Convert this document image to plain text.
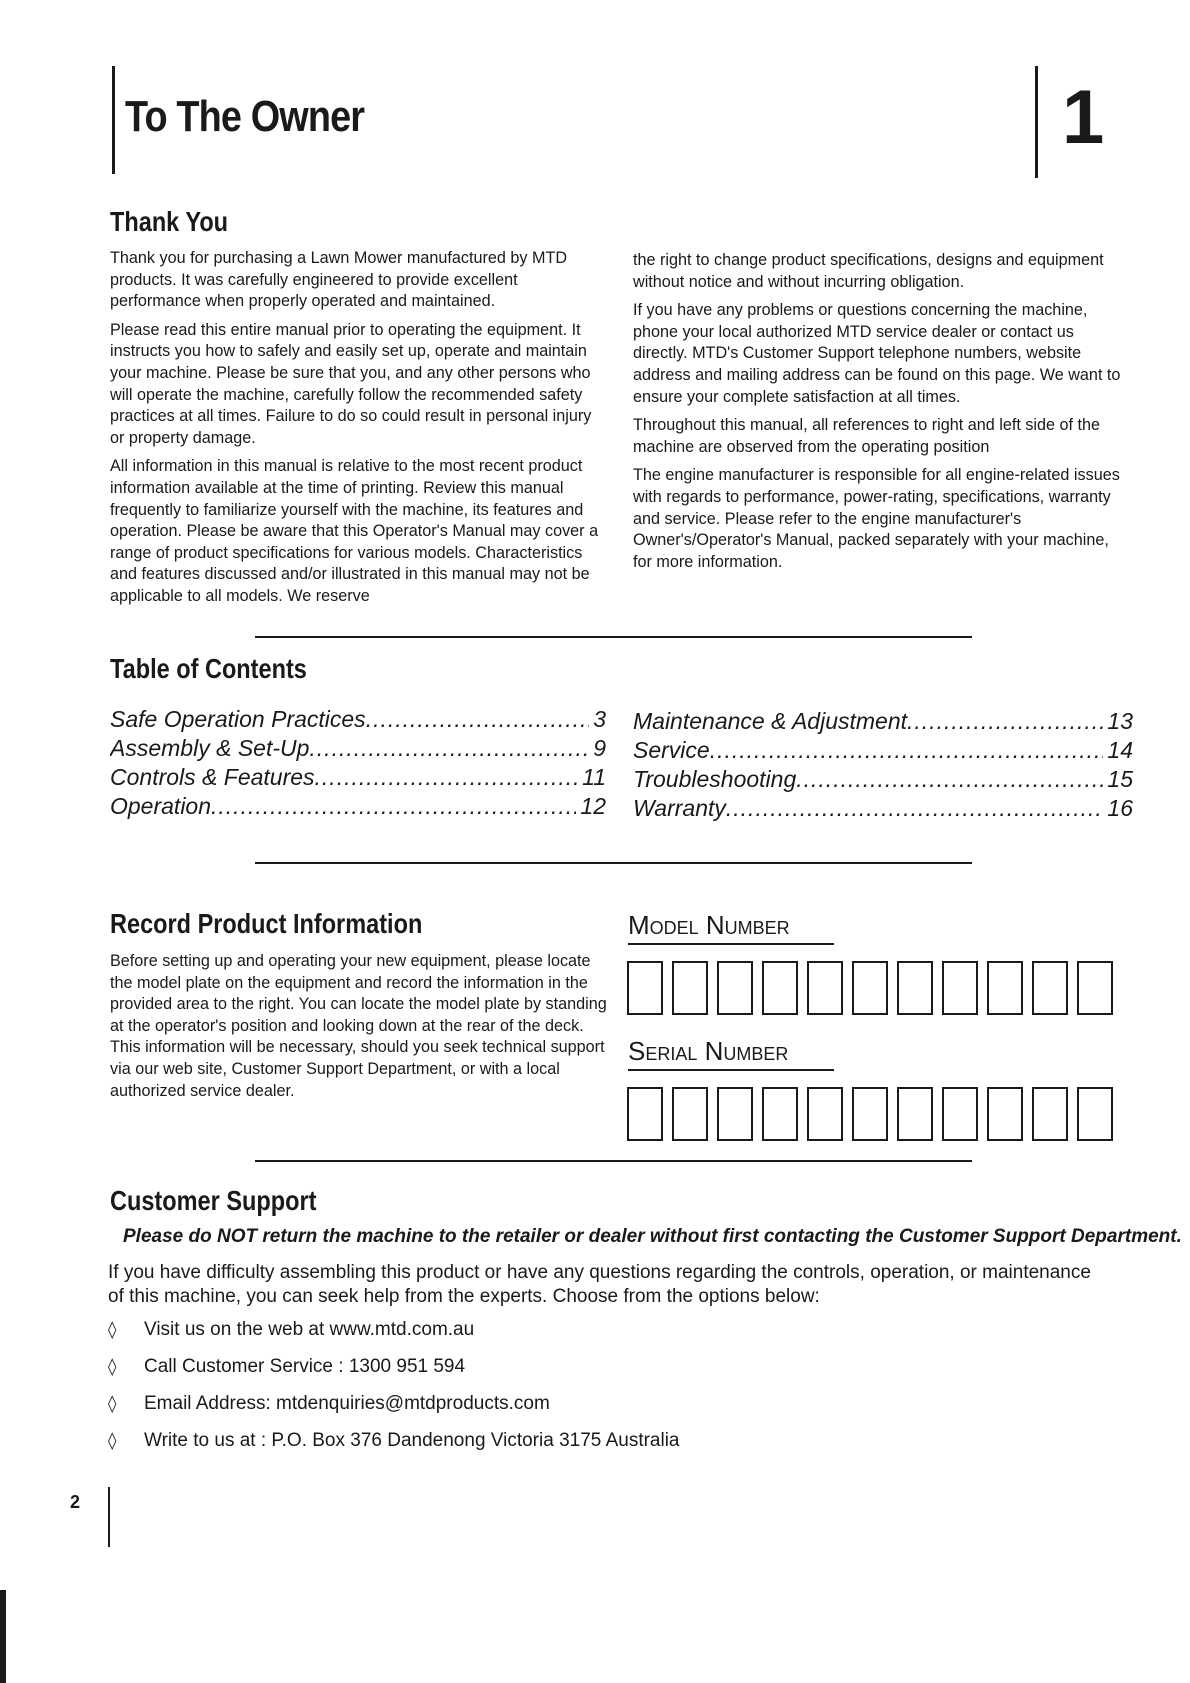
To The Owner	1
Thank You

Thank you for purchasing a Lawn Mower manufactured by MTD products. It was carefully engineered to provide excellent performance when properly operated and maintained.

Please read this entire manual prior to operating the equipment. It instructs you how to safely and easily set up, operate and maintain your machine. Please be sure that you, and any other persons who will operate the machine, carefully follow the recommended safety practices at all times. Failure to do so could result in personal injury or property damage.

All information in this manual is relative to the most recent product information available at the time of printing. Review this manual frequently to familiarize yourself with the machine, its features and operation. Please be aware that this Operator's Manual may cover a range of product specifications for various models. Characteristics and features discussed and/or illustrated in this manual may not be applicable to all models. We reserve

the right to change product specifications, designs and equipment without notice and without incurring obligation.

If you have any problems or questions concerning the machine, phone your local authorized MTD service dealer or contact us directly. MTD's Customer Support telephone numbers, website address and mailing address can be found on this page. We want to ensure your complete satisfaction at all times.

Throughout this manual, all references to right and left side of the machine are observed from the operating position

The engine manufacturer is responsible for all engine-related issues with regards to performance, power-rating, specifications, warranty and service. Please refer to the engine manufacturer's Owner's/Operator's Manual, packed separately with your machine, for more information.

Table of Contents
Safe Operation Practices .....	3
Assembly & Set-Up .....	9
Controls & Features .....	11
Operation .....	12
Maintenance & Adjustment .....	13
Service .....	14
Troubleshooting .....	15
Warranty .....	16
Record Product Information
Before setting up and operating your new equipment, please locate the model plate on the equipment and record the information in the provided area to the right. You can locate the model plate by standing at the operator's position and looking down at the rear of the deck. This information will be necessary, should you seek technical support via our web site, Customer Support Department, or with a local authorized service dealer.
Model Number
Serial Number
Customer Support
Please do NOT return the machine to the retailer or dealer without first contacting the Customer Support Department.
If you have difficulty assembling this product or have any questions regarding the controls, operation, or maintenance of this machine, you can seek help from the experts. Choose from the options below:
◊ Visit us on the web at www.mtd.com.au
◊ Call Customer Service : 1300 951 594
◊ Email Address: mtdenquiries@mtdproducts.com
◊ Write to us at : P.O. Box 376 Dandenong Victoria 3175 Australia
2
